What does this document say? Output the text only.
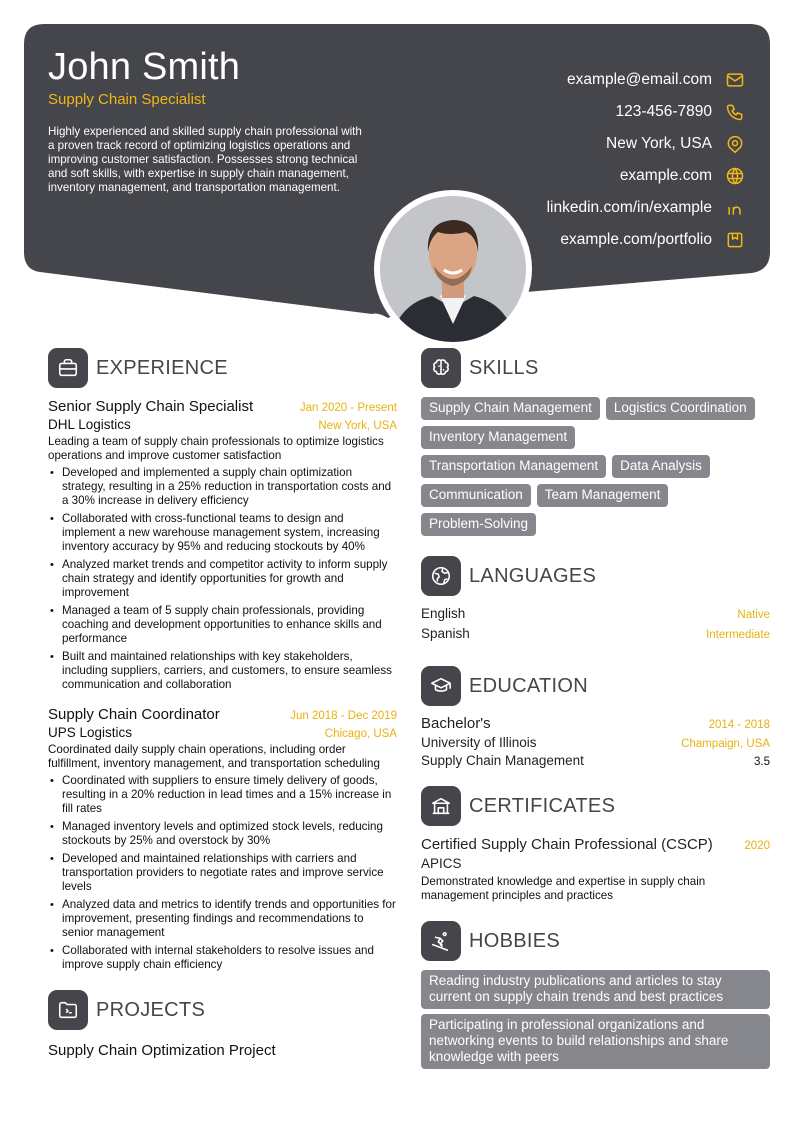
John Smith
Supply Chain Specialist
Highly experienced and skilled supply chain professional with a proven track record of optimizing logistics operations and improving customer satisfaction. Possesses strong technical and soft skills, with expertise in supply chain management, inventory management, and transportation management.
example@email.com
123-456-7890
New York, USA
example.com
linkedin.com/in/example
example.com/portfolio
EXPERIENCE
Senior Supply Chain Specialist	Jan 2020 - Present
DHL Logistics	New York, USA
Leading a team of supply chain professionals to optimize logistics operations and improve customer satisfaction
• Developed and implemented a supply chain optimization strategy, resulting in a 25% reduction in transportation costs and a 30% increase in delivery efficiency
• Collaborated with cross-functional teams to design and implement a new warehouse management system, increasing inventory accuracy by 95% and reducing stockouts by 40%
• Analyzed market trends and competitor activity to inform supply chain strategy and identify opportunities for growth and improvement
• Managed a team of 5 supply chain professionals, providing coaching and development opportunities to enhance skills and performance
• Built and maintained relationships with key stakeholders, including suppliers, carriers, and customers, to ensure seamless communication and collaboration
Supply Chain Coordinator	Jun 2018 - Dec 2019
UPS Logistics	Chicago, USA
Coordinated daily supply chain operations, including order fulfillment, inventory management, and transportation scheduling
• Coordinated with suppliers to ensure timely delivery of goods, resulting in a 20% reduction in lead times and a 15% increase in fill rates
• Managed inventory levels and optimized stock levels, reducing stockouts by 25% and overstock by 30%
• Developed and maintained relationships with carriers and transportation providers to negotiate rates and improve service levels
• Analyzed data and metrics to identify trends and opportunities for improvement, presenting findings and recommendations to senior management
• Collaborated with internal stakeholders to resolve issues and improve supply chain efficiency
PROJECTS
Supply Chain Optimization Project
SKILLS
Supply Chain Management	Logistics Coordination
Inventory Management
Transportation Management	Data Analysis
Communication	Team Management
Problem-Solving
LANGUAGES
English	Native
Spanish	Intermediate
EDUCATION
Bachelor's	2014 - 2018
University of Illinois	Champaign, USA
Supply Chain Management	3.5
CERTIFICATES
Certified Supply Chain Professional (CSCP)	2020
APICS
Demonstrated knowledge and expertise in supply chain management principles and practices
HOBBIES
Reading industry publications and articles to stay current on supply chain trends and best practices
Participating in professional organizations and networking events to build relationships and share knowledge with peers
